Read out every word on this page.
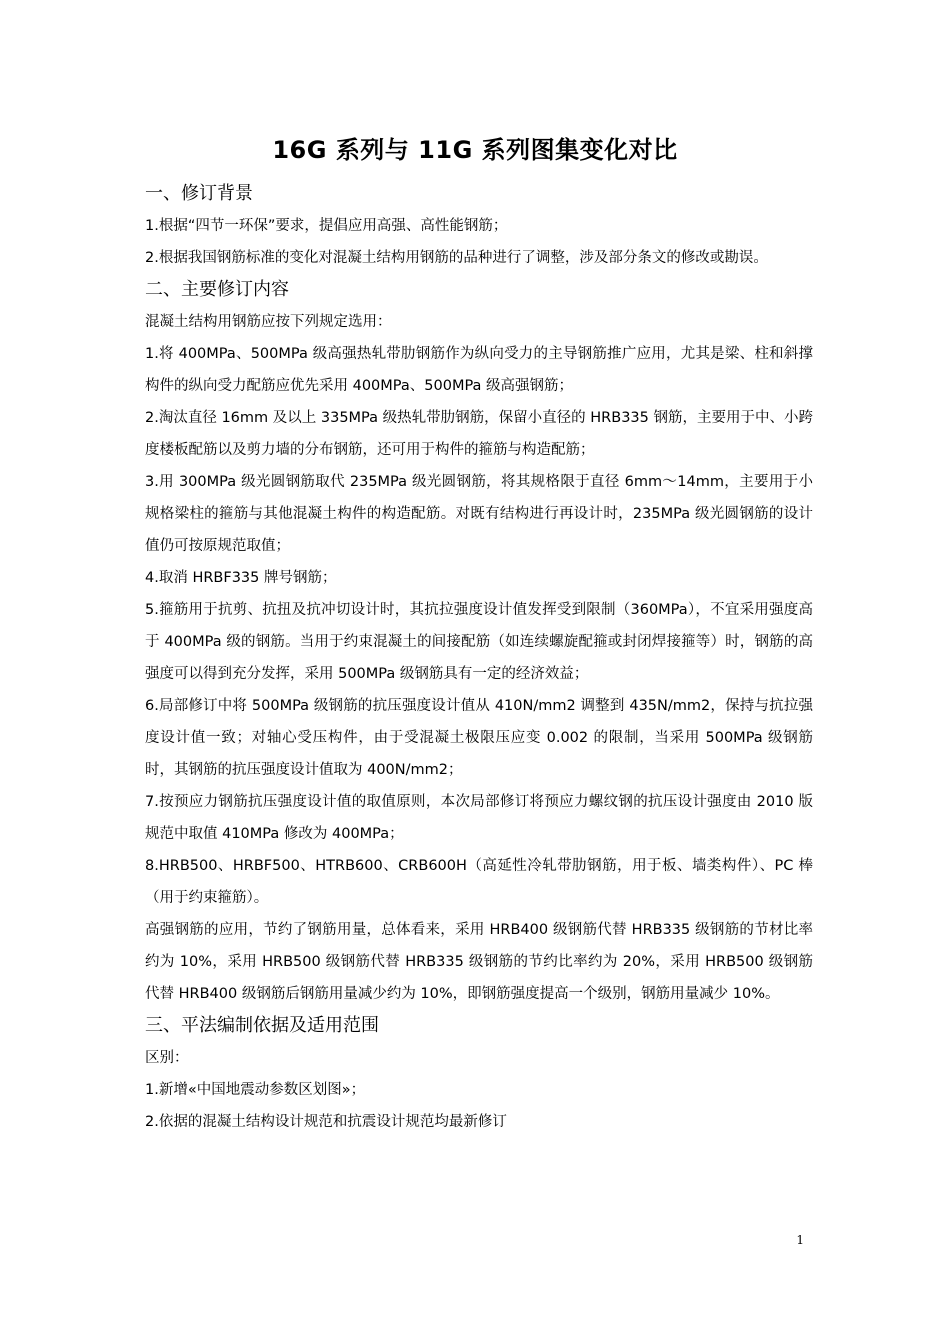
16G 系列与 11G 系列图集变化对比
一、修订背景

1.根据“四节一环保”要求，提倡应用高强、高性能钢筋；

2.根据我国钢筋标准的变化对混凝土结构用钢筋的品种进行了调整，涉及部分条文的修改或勘误。

二、主要修订内容

混凝土结构用钢筋应按下列规定选用：

1.将 400MPa、500MPa 级高强热轧带肋钢筋作为纵向受力的主导钢筋推广应用，尤其是梁、柱和斜撑构件的纵向受力配筋应优先采用 400MPa、500MPa 级高强钢筋；

2.淘汰直径 16mm 及以上 335MPa 级热轧带肋钢筋，保留小直径的 HRB335 钢筋，主要用于中、小跨度楼板配筋以及剪力墙的分布钢筋，还可用于构件的箍筋与构造配筋；

3.用 300MPa 级光圆钢筋取代 235MPa 级光圆钢筋，将其规格限于直径 6mm～14mm，主要用于小规格梁柱的箍筋与其他混凝土构件的构造配筋。对既有结构进行再设计时，235MPa 级光圆钢筋的设计值仍可按原规范取值；

4.取消 HRBF335 牌号钢筋；

5.箍筋用于抗剪、抗扭及抗冲切设计时，其抗拉强度设计值发挥受到限制（360MPa），不宜采用强度高于 400MPa 级的钢筋。当用于约束混凝土的间接配筋（如连续螺旋配箍或封闭焊接箍等）时，钢筋的高强度可以得到充分发挥，采用 500MPa 级钢筋具有一定的经济效益；

6.局部修订中将 500MPa 级钢筋的抗压强度设计值从 410N/mm2 调整到 435N/mm2，保持与抗拉强度设计值一致；对轴心受压构件，由于受混凝土极限压应变 0.002 的限制，当采用 500MPa 级钢筋时，其钢筋的抗压强度设计值取为 400N/mm2；

7.按预应力钢筋抗压强度设计值的取值原则，本次局部修订将预应力螺纹钢的抗压设计强度由 2010 版规范中取值 410MPa 修改为 400MPa；

8.HRB500、HRBF500、HTRB600、CRB600H（高延性冷轧带肋钢筋，用于板、墙类构件）、PC 棒（用于约束箍筋）。

高强钢筋的应用，节约了钢筋用量，总体看来，采用 HRB400 级钢筋代替 HRB335 级钢筋的节材比率约为 10%，采用 HRB500 级钢筋代替 HRB335 级钢筋的节约比率约为 20%，采用 HRB500 级钢筋代替 HRB400 级钢筋后钢筋用量减少约为 10%，即钢筋强度提高一个级别，钢筋用量减少 10%。

三、平法编制依据及适用范围

区别：

1.新增«中国地震动参数区划图»；

2.依据的混凝土结构设计规范和抗震设计规范均最新修订

1
